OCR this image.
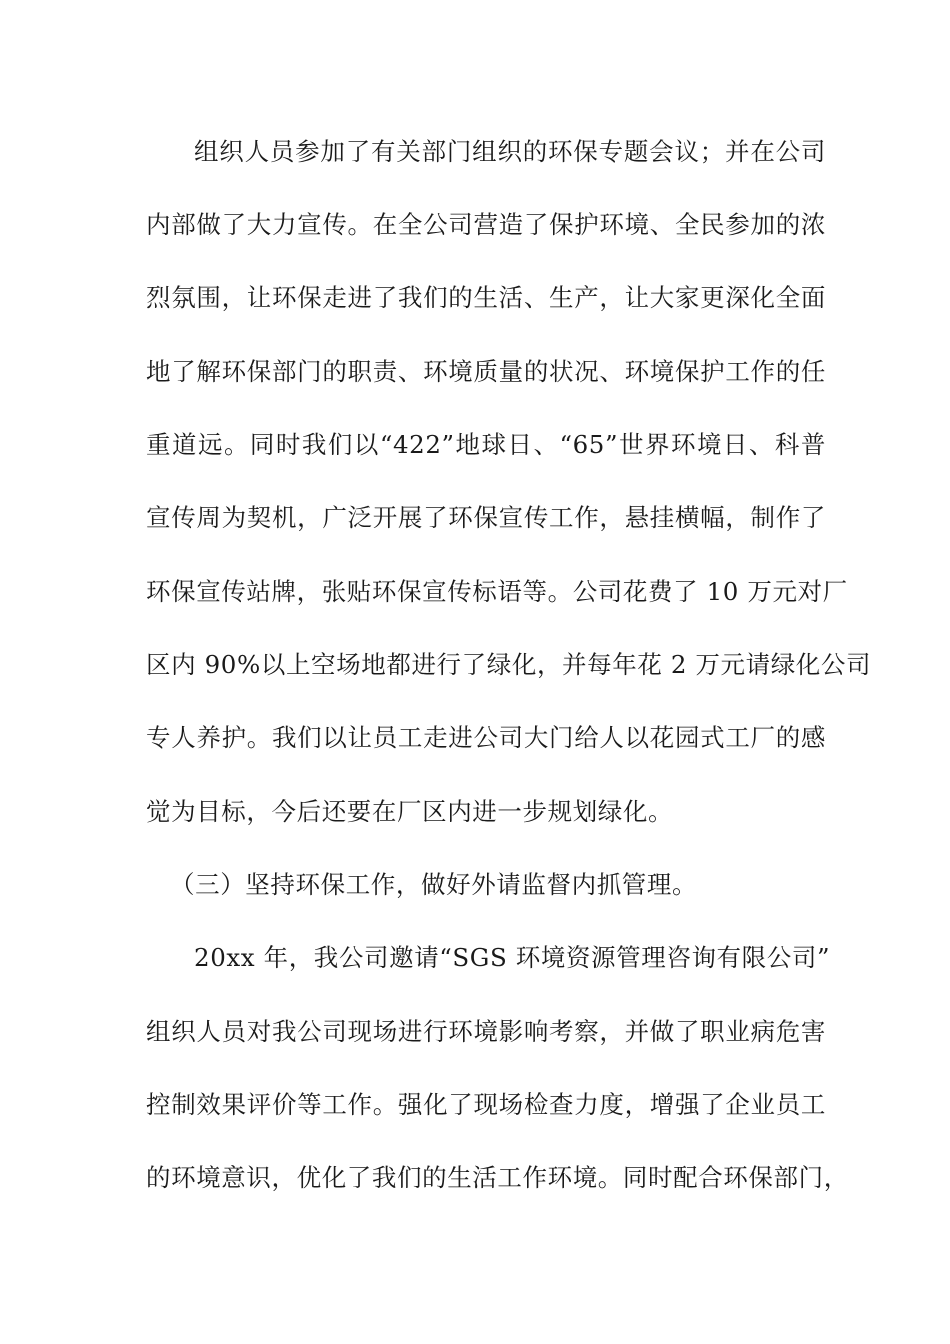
组织人员参加了有关部门组织的环保专题会议；并在公司
内部做了大力宣传。在全公司营造了保护环境、全民参加的浓
烈氛围，让环保走进了我们的生活、生产，让大家更深化全面
地了解环保部门的职责、环境质量的状况、环境保护工作的任
重道远。同时我们以“422”地球日、“65”世界环境日、科普
宣传周为契机，广泛开展了环保宣传工作，悬挂横幅，制作了
环保宣传站牌，张贴环保宣传标语等。公司花费了 10 万元对厂
区内 90%以上空场地都进行了绿化，并每年花 2 万元请绿化公司
专人养护。我们以让员工走进公司大门给人以花园式工厂的感
觉为目标，今后还要在厂区内进一步规划绿化。
（三）坚持环保工作，做好外请监督内抓管理。
20xx 年，我公司邀请“SGS 环境资源管理咨询有限公司”
组织人员对我公司现场进行环境影响考察，并做了职业病危害
控制效果评价等工作。强化了现场检查力度，增强了企业员工
的环境意识，优化了我们的生活工作环境。同时配合环保部门，
